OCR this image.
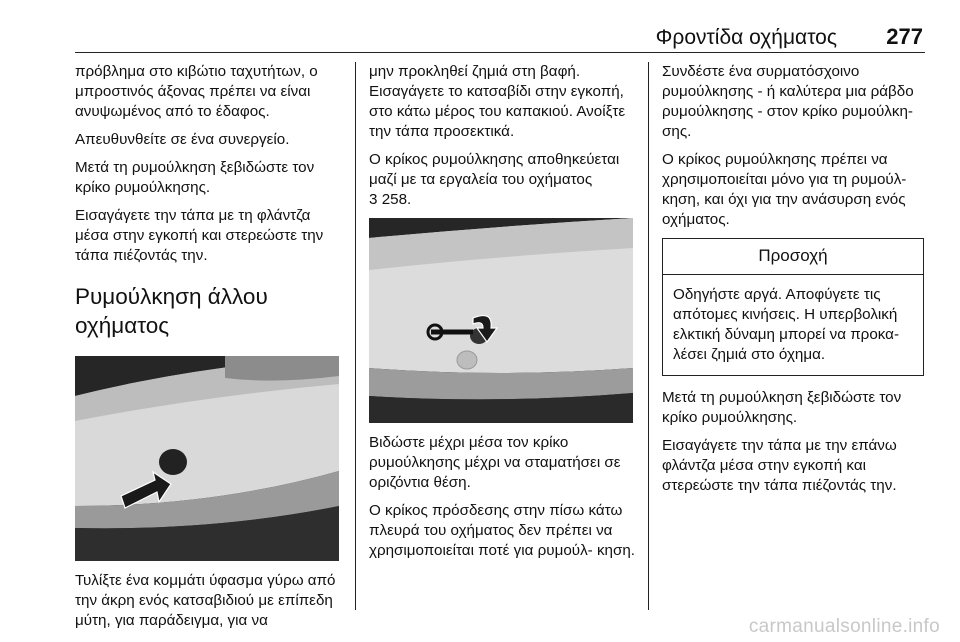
Φροντίδα οχήματος 277

πρόβλημα στο κιβώτιο ταχυτήτων, ο μπροστινός άξονας πρέπει να είναι ανυψωμένος από το έδαφος.

Απευθυνθείτε σε ένα συνεργείο.

Μετά τη ρυμούλκηση ξεβιδώστε τον κρίκο ρυμούλκησης.

Εισαγάγετε την τάπα με τη φλάντζα μέσα στην εγκοπή και στερεώστε την τάπα πιέζοντάς την.

Ρυμούλκηση άλλου οχήματος

Τυλίξτε ένα κομμάτι ύφασμα γύρω από την άκρη ενός κατσαβιδιού με επίπεδη μύτη, για παράδειγμα, για να

μην προκληθεί ζημιά στη βαφή. Εισαγάγετε το κατσαβίδι στην εγκοπή, στο κάτω μέρος του καπακιού. Ανοίξτε την τάπα προσεκτικά.

Ο κρίκος ρυμούλκησης αποθηκεύεται μαζί με τα εργαλεία του οχήματος
3 258.

Βιδώστε μέχρι μέσα τον κρίκο ρυμούλκησης μέχρι να σταματήσει σε οριζόντια θέση.

Ο κρίκος πρόσδεσης στην πίσω κάτω πλευρά του οχήματος δεν πρέπει να χρησιμοποιείται ποτέ για ρυμούλ- κηση.

Συνδέστε ένα συρματόσχοινο ρυμούλκησης - ή καλύτερα μια ράβδο ρυμούλκησης - στον κρίκο ρυμούλκη- σης.

Ο κρίκος ρυμούλκησης πρέπει να χρησιμοποιείται μόνο για τη ρυμούλ- κηση, και όχι για την ανάσυρση ενός οχήματος.

Προσοχή

Οδηγήστε αργά. Αποφύγετε τις απότομες κινήσεις. Η υπερβολική ελκτική δύναμη μπορεί να προκα- λέσει ζημιά στο όχημα.

Μετά τη ρυμούλκηση ξεβιδώστε τον κρίκο ρυμούλκησης.

Εισαγάγετε την τάπα με την επάνω φλάντζα μέσα στην εγκοπή και στερεώστε την τάπα πιέζοντάς την.

carmanualsonline.info
